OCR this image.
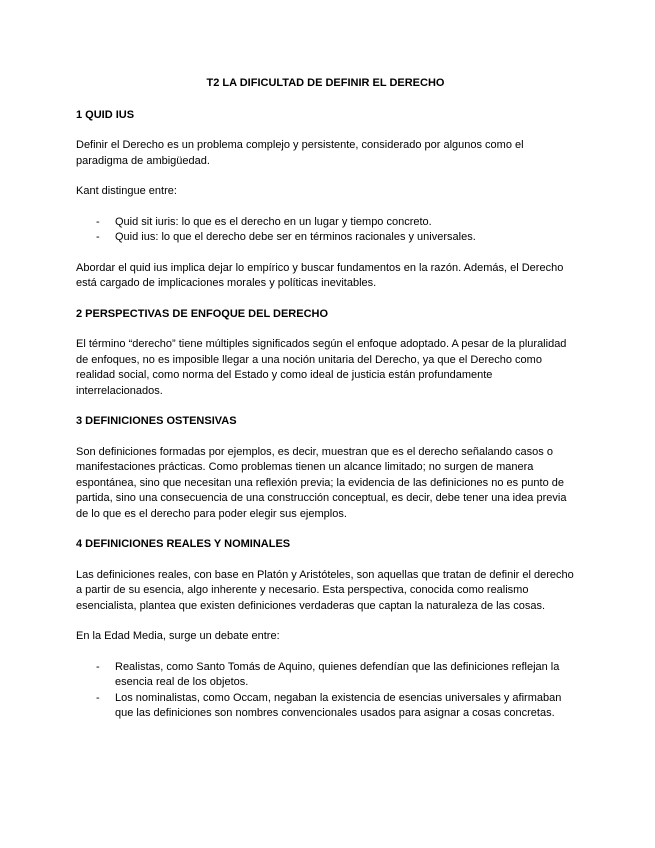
T2 LA DIFICULTAD DE DEFINIR EL DERECHO
1 QUID IUS

Definir el Derecho es un problema complejo y persistente, considerado por algunos como el paradigma de ambigüedad.

Kant distingue entre:

- Quid sit iuris: lo que es el derecho en un lugar y tiempo concreto.
- Quid ius: lo que el derecho debe ser en términos racionales y universales.

Abordar el quid ius implica dejar lo empírico y buscar fundamentos en la razón. Además, el Derecho está cargado de implicaciones morales y políticas inevitables.

2 PERSPECTIVAS DE ENFOQUE DEL DERECHO

El término “derecho” tiene múltiples significados según el enfoque adoptado. A pesar de la pluralidad de enfoques, no es imposible llegar a una noción unitaria del Derecho, ya que el Derecho como realidad social, como norma del Estado y como ideal de justicia están profundamente interrelacionados.

3 DEFINICIONES OSTENSIVAS

Son definiciones formadas por ejemplos, es decir, muestran que es el derecho señalando casos o manifestaciones prácticas. Como problemas tienen un alcance limitado; no surgen de manera espontánea, sino que necesitan una reflexión previa; la evidencia de las definiciones no es punto de partida, sino una consecuencia de una construcción conceptual, es decir, debe tener una idea previa de lo que es el derecho para poder elegir sus ejemplos.

4 DEFINICIONES REALES Y NOMINALES

Las definiciones reales, con base en Platón y Aristóteles, son aquellas que tratan de definir el derecho a partir de su esencia, algo inherente y necesario. Esta perspectiva, conocida como realismo esencialista, plantea que existen definiciones verdaderas que captan la naturaleza de las cosas.

En la Edad Media, surge un debate entre:

- Realistas, como Santo Tomás de Aquino, quienes defendían que las definiciones reflejan la esencia real de los objetos.
- Los nominalistas, como Occam, negaban la existencia de esencias universales y afirmaban que las definiciones son nombres convencionales usados para asignar a cosas concretas.
